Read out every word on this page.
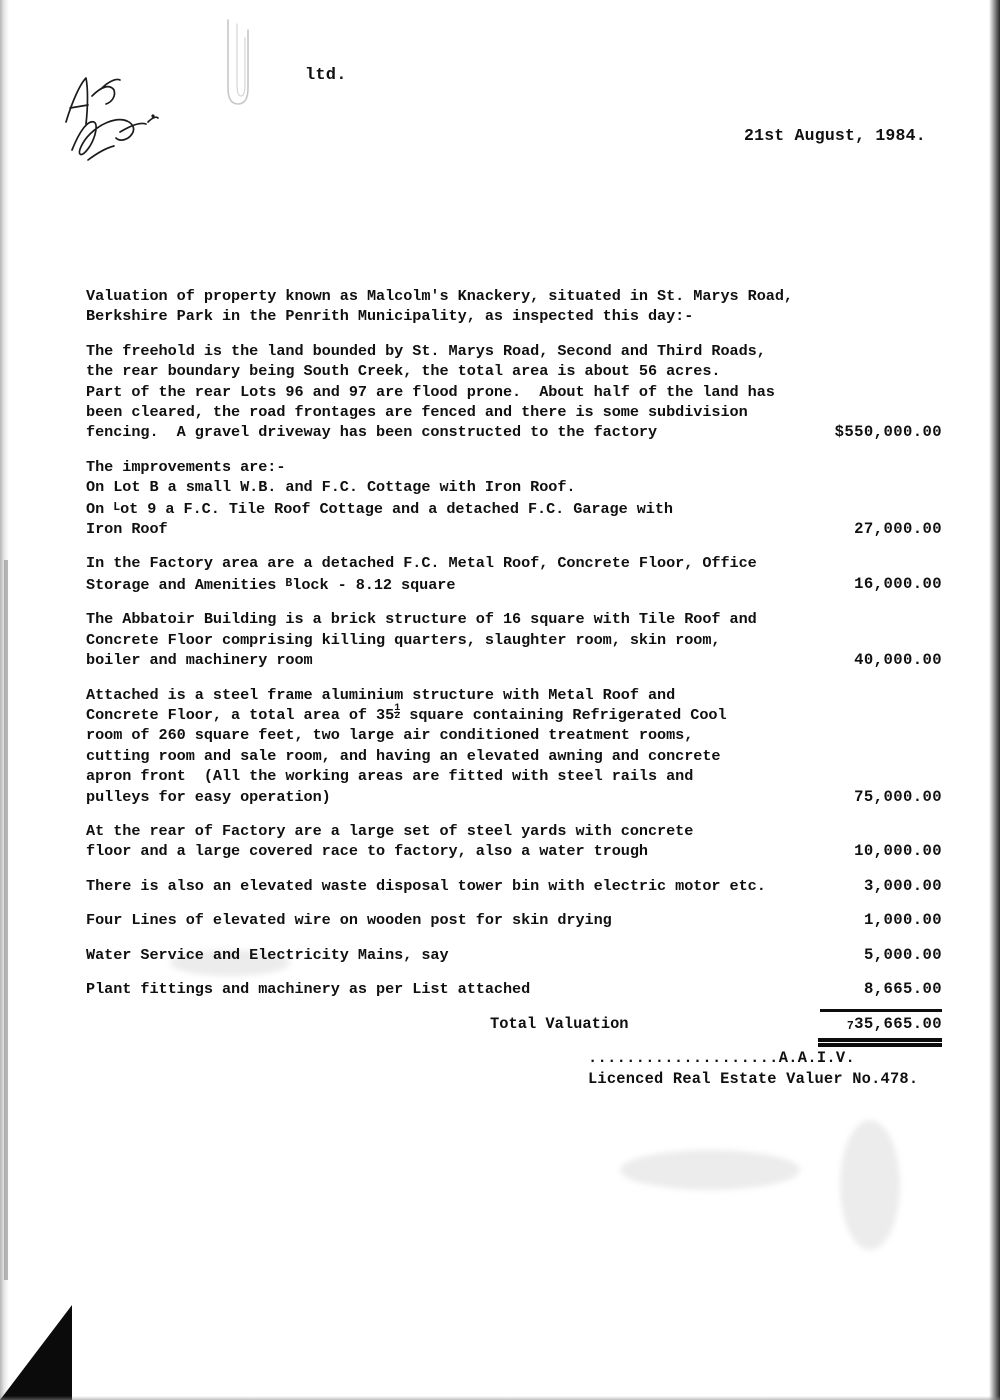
ltd.
21st August, 1984.
Valuation of property known as Malcolm's Knackery, situated in St. Marys Road,
Berkshire Park in the Penrith Municipality, as inspected this day:-
The freehold is the land bounded by St. Marys Road, Second and Third Roads,
the rear boundary being South Creek, the total area is about 56 acres.
Part of the rear Lots 96 and 97 are flood prone.  About half of the land has
been cleared, the road frontages are fenced and there is some subdivision
fencing.  A gravel driveway has been constructed to the factory	$550,000.00
The improvements are:-
On Lot B a small W.B. and F.C. Cottage with Iron Roof.
On Lot 9 a F.C. Tile Roof Cottage and a detached F.C. Garage with
Iron Roof	27,000.00
In the Factory area are a detached F.C. Metal Roof, Concrete Floor, Office
Storage and Amenities Block - 8.12 square	16,000.00
The Abbatoir Building is a brick structure of 16 square with Tile Roof and
Concrete Floor comprising killing quarters, slaughter room, skin room,
boiler and machinery room	40,000.00
Attached is a steel frame aluminium structure with Metal Roof and
Concrete Floor, a total area of $35 \frac{1}{2}$ square containing Refrigerated Cool
room of 260 square feet, two large air conditioned treatment rooms,
cutting room and sale room, and having an elevated awning and concrete
apron front  (All the working areas are fitted with steel rails and
pulleys for easy operation)	75,000.00
At the rear of Factory are a large set of steel yards with concrete
floor and a large covered race to factory, also a water trough	10,000.00
There is also an elevated waste disposal tower bin with electric motor etc.	3,000.00
Four Lines of elevated wire on wooden post for skin drying	1,000.00
Water Service and Electricity Mains, say	5,000.00
Plant fittings and machinery as per List attached	8,665.00
Total Valuation	735,665.00
....................A.A.I.V.
Licenced Real Estate Valuer No.478.
